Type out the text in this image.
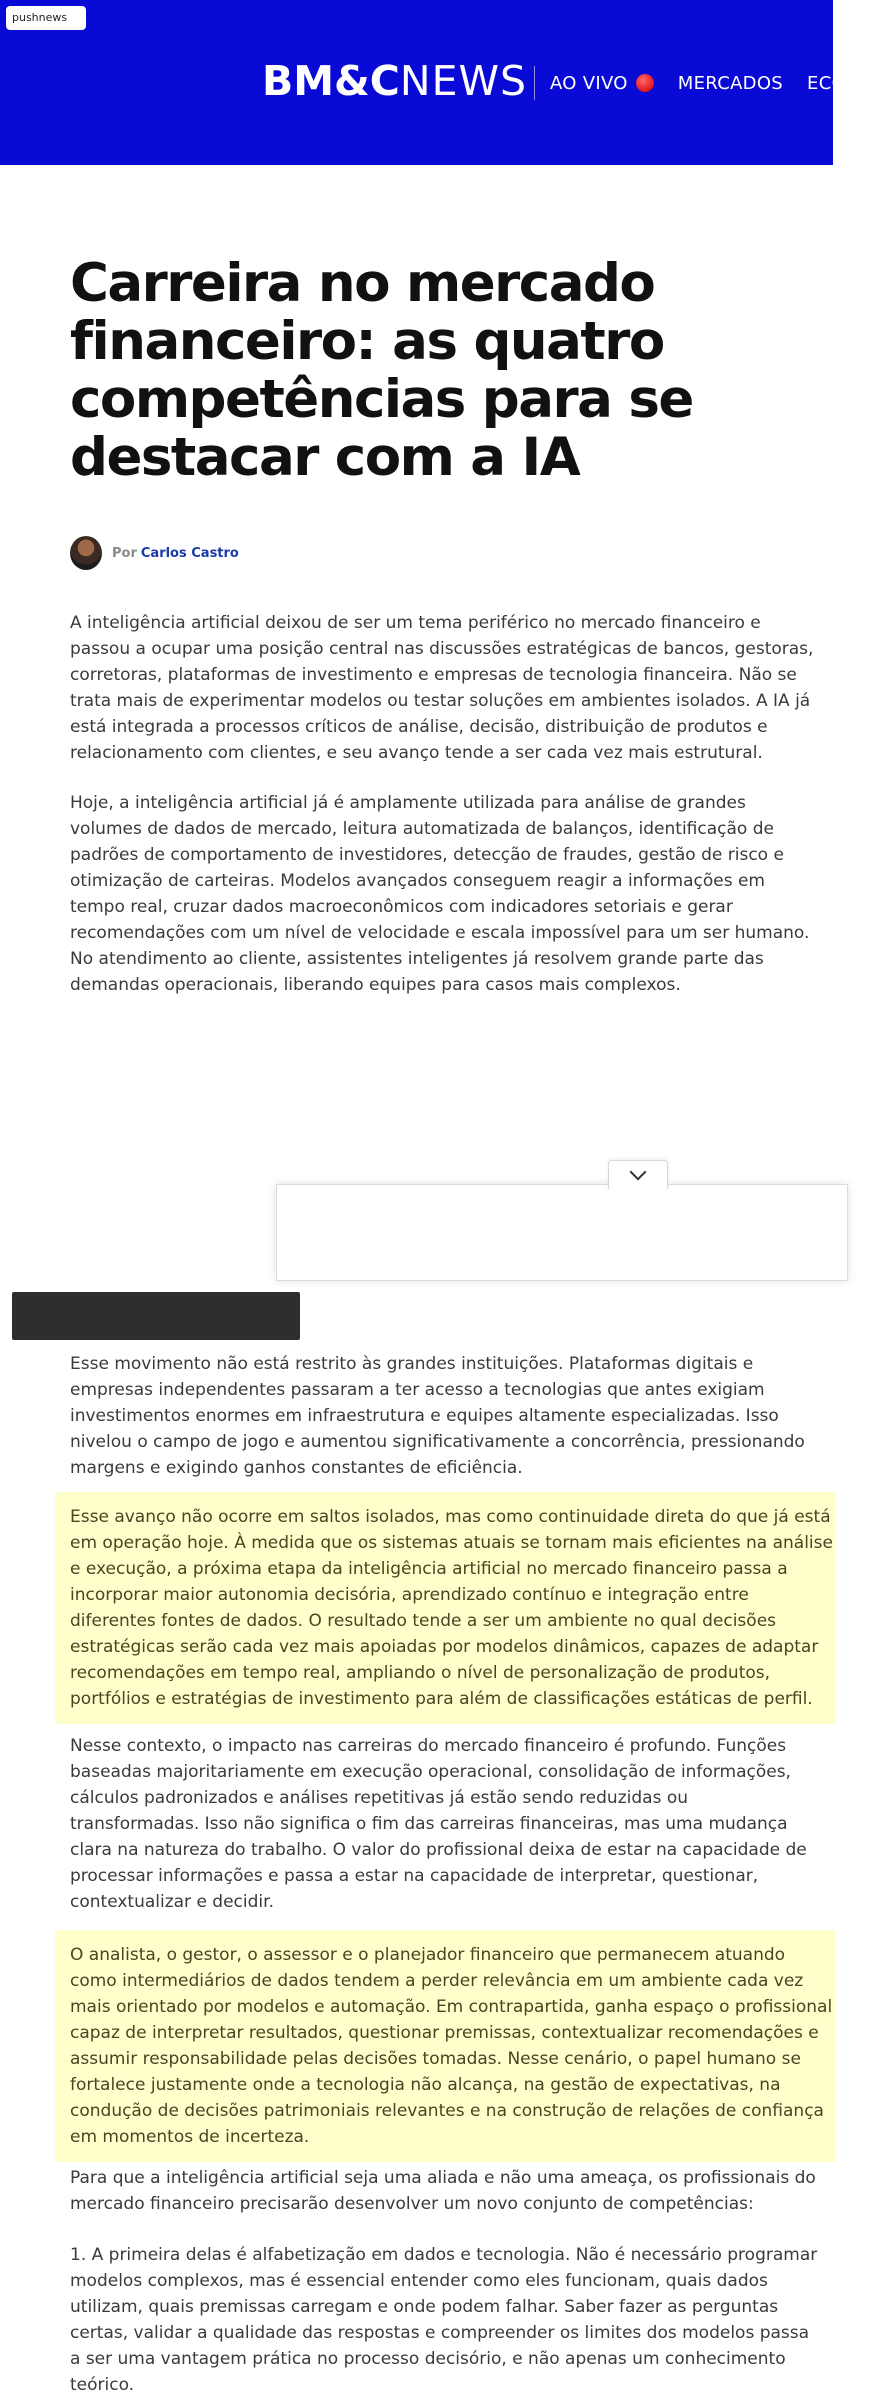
pushnews
BM&CNEWS AO VIVO	MERCADOS ECO
Carreira no mercado financeiro: as quatro competências para se destacar com a IA
Por Carlos Castro

A inteligência artificial deixou de ser um tema periférico no mercado financeiro e passou a ocupar uma posição central nas discussões estratégicas de bancos, gestoras, corretoras, plataformas de investimento e empresas de tecnologia financeira. Não se trata mais de experimentar modelos ou testar soluções em ambientes isolados. A IA já está integrada a processos críticos de análise, decisão, distribuição de produtos e relacionamento com clientes, e seu avanço tende a ser cada vez mais estrutural.

Hoje, a inteligência artificial já é amplamente utilizada para análise de grandes volumes de dados de mercado, leitura automatizada de balanços, identificação de padrões de comportamento de investidores, detecção de fraudes, gestão de risco e otimização de carteiras. Modelos avançados conseguem reagir a informações em tempo real, cruzar dados macroeconômicos com indicadores setoriais e gerar recomendações com um nível de velocidade e escala impossível para um ser humano. No atendimento ao cliente, assistentes inteligentes já resolvem grande parte das demandas operacionais, liberando equipes para casos mais complexos.

Esse movimento não está restrito às grandes instituições. Plataformas digitais e empresas independentes passaram a ter acesso a tecnologias que antes exigiam investimentos enormes em infraestrutura e equipes altamente especializadas. Isso nivelou o campo de jogo e aumentou significativamente a concorrência, pressionando margens e exigindo ganhos constantes de eficiência.

Esse avanço não ocorre em saltos isolados, mas como continuidade direta do que já está em operação hoje. À medida que os sistemas atuais se tornam mais eficientes na análise e execução, a próxima etapa da inteligência artificial no mercado financeiro passa a incorporar maior autonomia decisória, aprendizado contínuo e integração entre diferentes fontes de dados. O resultado tende a ser um ambiente no qual decisões estratégicas serão cada vez mais apoiadas por modelos dinâmicos, capazes de adaptar recomendações em tempo real, ampliando o nível de personalização de produtos, portfólios e estratégias de investimento para além de classificações estáticas de perfil.

Nesse contexto, o impacto nas carreiras do mercado financeiro é profundo. Funções baseadas majoritariamente em execução operacional, consolidação de informações, cálculos padronizados e análises repetitivas já estão sendo reduzidas ou transformadas. Isso não significa o fim das carreiras financeiras, mas uma mudança clara na natureza do trabalho. O valor do profissional deixa de estar na capacidade de processar informações e passa a estar na capacidade de interpretar, questionar, contextualizar e decidir.

O analista, o gestor, o assessor e o planejador financeiro que permanecem atuando como intermediários de dados tendem a perder relevância em um ambiente cada vez mais orientado por modelos e automação. Em contrapartida, ganha espaço o profissional capaz de interpretar resultados, questionar premissas, contextualizar recomendações e assumir responsabilidade pelas decisões tomadas. Nesse cenário, o papel humano se fortalece justamente onde a tecnologia não alcança, na gestão de expectativas, na condução de decisões patrimoniais relevantes e na construção de relações de confiança em momentos de incerteza.

Para que a inteligência artificial seja uma aliada e não uma ameaça, os profissionais do mercado financeiro precisarão desenvolver um novo conjunto de competências:

1. A primeira delas é alfabetização em dados e tecnologia. Não é necessário programar modelos complexos, mas é essencial entender como eles funcionam, quais dados utilizam, quais premissas carregam e onde podem falhar. Saber fazer as perguntas certas, validar a qualidade das respostas e compreender os limites dos modelos passa a ser uma vantagem prática no processo decisório, e não apenas um conhecimento teórico.
